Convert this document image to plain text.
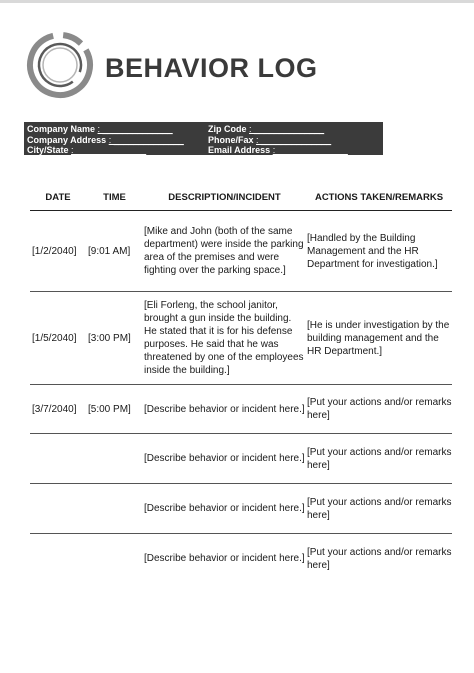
BEHAVIOR LOG
Company Name : ______________
Company Address : ______________
City/State : ______________
Zip Code : ______________
Phone/Fax : ______________
Email Address : ______________
DATE	TIME	DESCRIPTION/INCIDENT	ACTIONS TAKEN/REMARKS
[1/2/2040]	[9:01 AM]	[Mike and John (both of the same department) were inside the parking area of the premises and were fighting over the parking space.]	[Handled by the Building Management and the HR Department for investigation.]
[1/5/2040]	[3:00 PM]	[Eli Forleng, the school janitor, brought a gun inside the building. He stated that it is for his defense purposes. He said that he was threatened by one of the employees inside the building.]	[He is under investigation by the building management and the HR Department.]
[3/7/2040]	[5:00 PM]	[Describe behavior or incident here.]	[Put your actions and/or remarks here]
		[Describe behavior or incident here.]	[Put your actions and/or remarks here]
		[Describe behavior or incident here.]	[Put your actions and/or remarks here]
		[Describe behavior or incident here.]	[Put your actions and/or remarks here]
